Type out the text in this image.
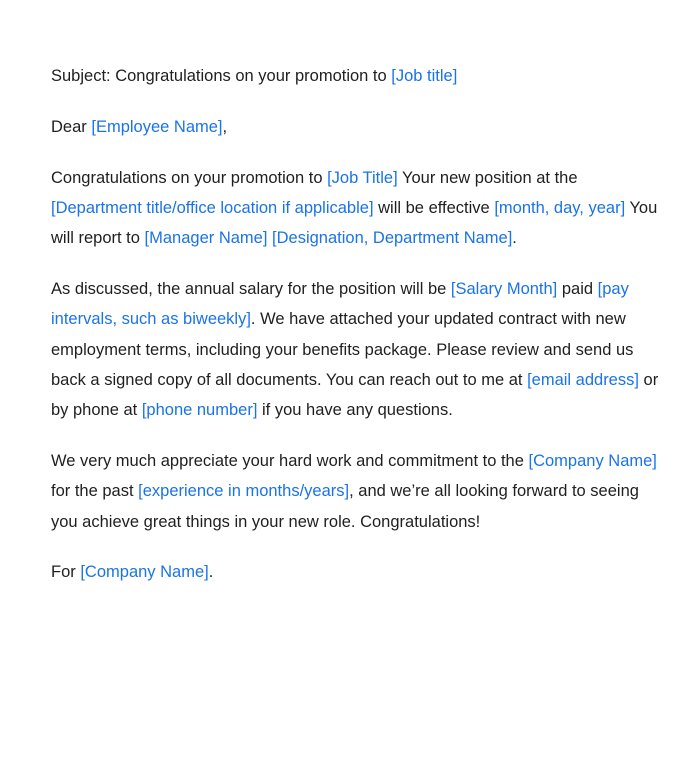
Subject: Congratulations on your promotion to [Job title]

Dear [Employee Name],

Congratulations on your promotion to [Job Title] Your new position at the [Department title/office location if applicable] will be effective [month, day, year] You will report to [Manager Name] [Designation, Department Name].

As discussed, the annual salary for the position will be [Salary Month] paid [pay intervals, such as biweekly]. We have attached your updated contract with new employment terms, including your benefits package. Please review and send us back a signed copy of all documents. You can reach out to me at [email address] or by phone at [phone number] if you have any questions.

We very much appreciate your hard work and commitment to the [Company Name] for the past [experience in months/years], and we’re all looking forward to seeing you achieve great things in your new role. Congratulations!

For [Company Name].
